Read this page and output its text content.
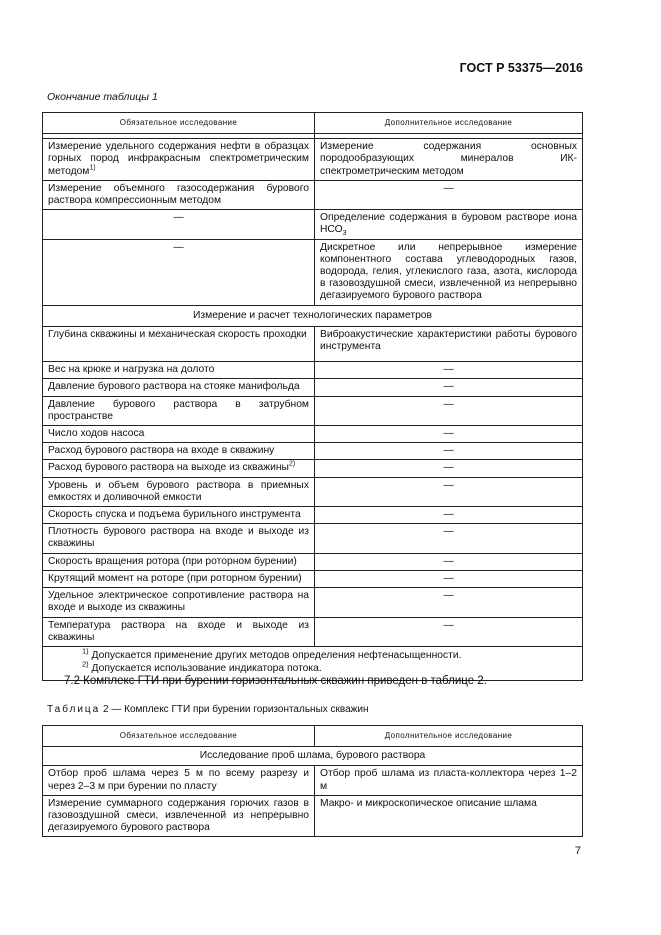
ГОСТ Р 53375—2016
Окончание таблицы 1
Обязательное исследование	Дополнительное исследование

Измерение удельного содержания нефти в образцах горных пород инфракрасным спектрометрическим методом$^{1)}$	Измерение содержания основных породообразующих минералов ИК-спектрометрическим методом
Измерение объемного газосодержания бурового раствора компрессионным методом	—
—	Определение содержания в буровом растворе иона $НСО_3$
—	Дискретное или непрерывное измерение компонентного состава углеводородных газов, водорода, гелия, углекислого газа, азота, кислорода в газовоздушной смеси, извлеченной из непрерывно дегазируемого бурового раствора
Измерение и расчет технологических параметров	
Глубина скважины и механическая скорость проходки	Виброакустические характеристики работы бурового инструмента
Вес на крюке и нагрузка на долото	—
Давление бурового раствора на стояке манифольда	—
Давление бурового раствора в затрубном пространстве	—
Число ходов насоса	—
Расход бурового раствора на входе в скважину	—
Расход бурового раствора на выходе из скважины$^{2)}$	—
Уровень и объем бурового раствора в приемных емкостях и доливочной емкости	—
Скорость спуска и подъема бурильного инструмента	—
Плотность бурового раствора на входе и выходе из скважины	—
Скорость вращения ротора (при роторном бурении)	—
Крутящий момент на роторе (при роторном бурении)	—
Удельное электрическое сопротивление раствора на входе и выходе из скважины	—
Температура раствора на входе и выходе из скважины	—

$^{1)}$ Допускается применение других методов определения нефтенасыщенности.
$^{2)}$ Допускается использование индикатора потока.	
7.2 Комплекс ГТИ при бурении горизонтальных скважин приведен в таблице 2.
Таблица 2 — Комплекс ГТИ при бурении горизонтальных скважин
Обязательное исследование	Дополнительное исследование
Исследование проб шлама, бурового раствора	
Отбор проб шлама через 5 м по всему разрезу и через 2–3 м при бурении по пласту	Отбор проб шлама из пласта-коллектора через 1–2 м
Измерение суммарного содержания горючих газов в газовоздушной смеси, извлеченной из непрерывно дегазируемого бурового раствора	Макро- и микроскопическое описание шлама
7
